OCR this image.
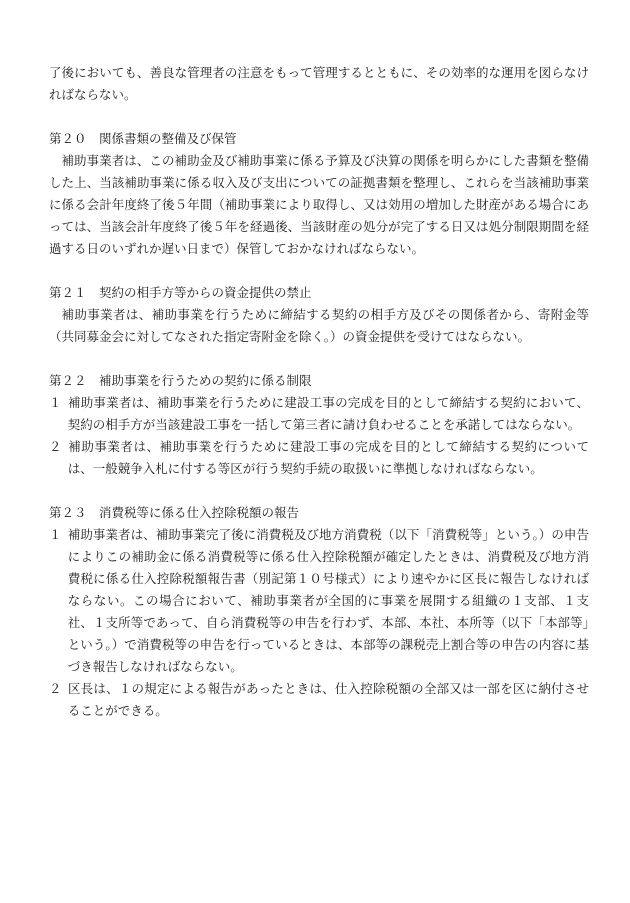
了後においても、善良な管理者の注意をもって管理するとともに、その効率的な運用を図らなければならない。

第２０　関係書類の整備及び保管

補助事業者は、この補助金及び補助事業に係る予算及び決算の関係を明らかにした書類を整備した上、当該補助事業に係る収入及び支出についての証拠書類を整理し、これらを当該補助事業に係る会計年度終了後５年間（補助事業により取得し、又は効用の増加した財産がある場合にあっては、当該会計年度終了後５年を経過後、当該財産の処分が完了する日又は処分制限期間を経過する日のいずれか遅い日まで）保管しておかなければならない。

第２１　契約の相手方等からの資金提供の禁止

補助事業者は、補助事業を行うために締結する契約の相手方及びその関係者から、寄附金等（共同募金会に対してなされた指定寄附金を除く。）の資金提供を受けてはならない。

第２２　補助事業を行うための契約に係る制限

１ 補助事業者は、補助事業を行うために建設工事の完成を目的として締結する契約において、契約の相手方が当該建設工事を一括して第三者に請け負わせることを承諾してはならない。

２ 補助事業者は、補助事業を行うために建設工事の完成を目的として締結する契約については、一般競争入札に付する等区が行う契約手続の取扱いに準拠しなければならない。

第２３　消費税等に係る仕入控除税額の報告

１ 補助事業者は、補助事業完了後に消費税及び地方消費税（以下「消費税等」という。）の申告によりこの補助金に係る消費税等に係る仕入控除税額が確定したときは、消費税及び地方消費税に係る仕入控除税額報告書（別記第１０号様式）により速やかに区長に報告しなければならない。この場合において、補助事業者が全国的に事業を展開する組織の１支部、１支社、１支所等であって、自ら消費税等の申告を行わず、本部、本社、本所等（以下「本部等」という。）で消費税等の申告を行っているときは、本部等の課税売上割合等の申告の内容に基づき報告しなければならない。

２ 区長は、１の規定による報告があったときは、仕入控除税額の全部又は一部を区に納付させることができる。
